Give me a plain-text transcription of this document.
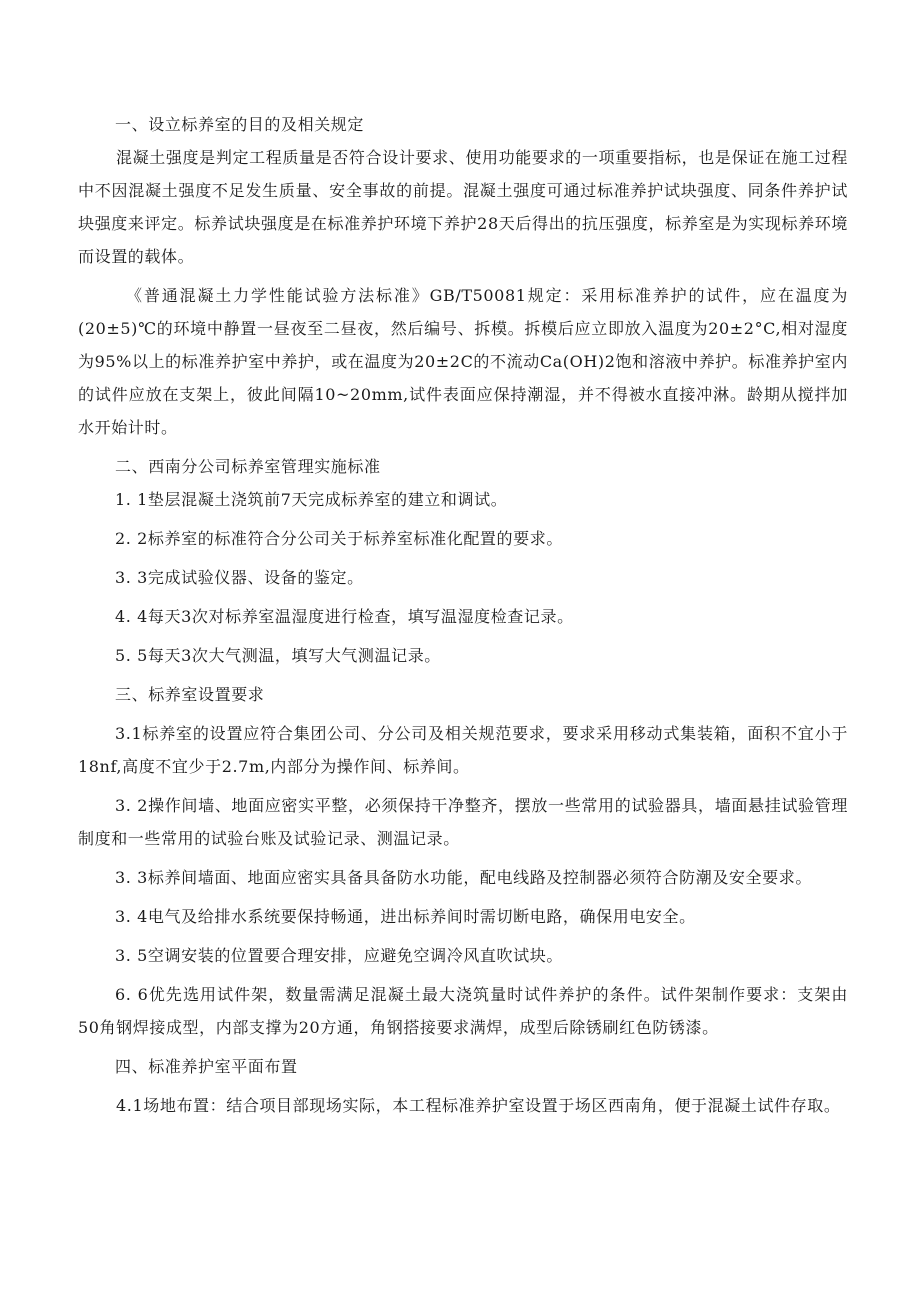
一、设立标养室的目的及相关规定

混凝土强度是判定工程质量是否符合设计要求、使用功能要求的一项重要指标，也是保证在施工过程中不因混凝土强度不足发生质量、安全事故的前提。混凝土强度可通过标准养护试块强度、同条件养护试块强度来评定。标养试块强度是在标准养护环境下养护28天后得出的抗压强度，标养室是为实现标养环境而设置的载体。

《普通混凝土力学性能试验方法标准》GB/T50081规定：采用标准养护的试件，应在温度为(20±5)℃的环境中静置一昼夜至二昼夜，然后编号、拆模。拆模后应立即放入温度为20±2°C,相对湿度为95%以上的标准养护室中养护，或在温度为20±2C的不流动Ca(OH)2饱和溶液中养护。标准养护室内的试件应放在支架上，彼此间隔10~20mm,试件表面应保持潮湿，并不得被水直接冲淋。龄期从搅拌加水开始计时。

二、西南分公司标养室管理实施标准

1. 1垫层混凝土浇筑前7天完成标养室的建立和调试。

2. 2标养室的标准符合分公司关于标养室标准化配置的要求。

3. 3完成试验仪器、设备的鉴定。

4. 4每天3次对标养室温湿度进行检查，填写温湿度检查记录。

5. 5每天3次大气测温，填写大气测温记录。

三、标养室设置要求

3.1标养室的设置应符合集团公司、分公司及相关规范要求，要求采用移动式集装箱，面积不宜小于18nf,高度不宜少于2.7m,内部分为操作间、标养间。

3. 2操作间墙、地面应密实平整，必须保持干净整齐，摆放一些常用的试验器具，墙面悬挂试验管理制度和一些常用的试验台账及试验记录、测温记录。

3. 3标养间墙面、地面应密实具备具备防水功能，配电线路及控制器必须符合防潮及安全要求。

3. 4电气及给排水系统要保持畅通，进出标养间时需切断电路，确保用电安全。

3. 5空调安装的位置要合理安排，应避免空调冷风直吹试块。

6. 6优先选用试件架，数量需满足混凝土最大浇筑量时试件养护的条件。试件架制作要求：支架由50角钢焊接成型，内部支撑为20方通，角钢搭接要求满焊，成型后除锈刷红色防锈漆。

四、标准养护室平面布置

4.1场地布置：结合项目部现场实际，本工程标准养护室设置于场区西南角，便于混凝土试件存取。
